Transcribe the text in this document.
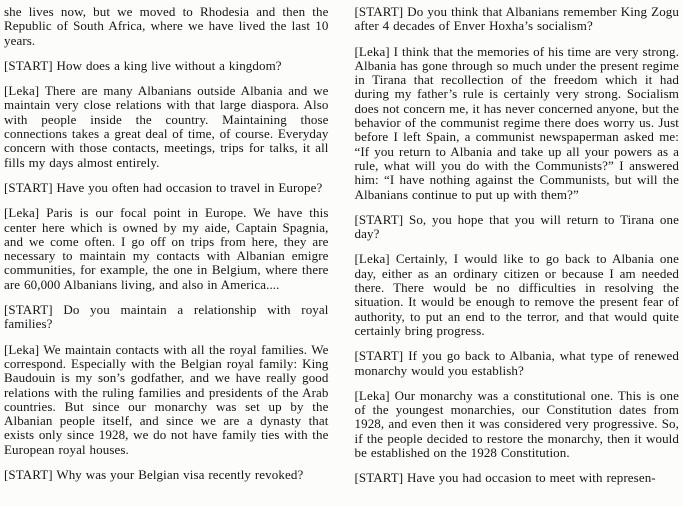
she lives now, but we moved to Rhodesia and then the Republic of South Africa, where we have lived the last 10 years.

[START] How does a king live without a kingdom?

[Leka] There are many Albanians outside Albania and we maintain very close relations with that large diaspora. Also with people inside the country. Maintaining those connections takes a great deal of time, of course. Everyday concern with those contacts, meetings, trips for talks, it all fills my days almost entirely.

[START] Have you often had occasion to travel in Europe?

[Leka] Paris is our focal point in Europe. We have this center here which is owned by my aide, Captain Spagnia, and we come often. I go off on trips from here, they are necessary to maintain my contacts with Albanian emigre communities, for example, the one in Belgium, where there are 60,000 Albanians living, and also in America....

[START] Do you maintain a relationship with royal families?

[Leka] We maintain contacts with all the royal families. We correspond. Especially with the Belgian royal family: King Baudouin is my son’s godfather, and we have really good relations with the ruling families and presidents of the Arab countries. But since our monarchy was set up by the Albanian people itself, and since we are a dynasty that exists only since 1928, we do not have family ties with the European royal houses.

[START] Why was your Belgian visa recently revoked?

[START] Do you think that Albanians remember King Zogu after 4 decades of Enver Hoxha’s socialism?

[Leka] I think that the memories of his time are very strong. Albania has gone through so much under the present regime in Tirana that recollection of the freedom which it had during my father’s rule is certainly very strong. Socialism does not concern me, it has never concerned anyone, but the behavior of the communist regime there does worry us. Just before I left Spain, a communist newspaperman asked me: “If you return to Albania and take up all your powers as a rule, what will you do with the Communists?” I answered him: “I have nothing against the Communists, but will the Albanians continue to put up with them?”

[START] So, you hope that you will return to Tirana one day?

[Leka] Certainly, I would like to go back to Albania one day, either as an ordinary citizen or because I am needed there. There would be no difficulties in resolving the situation. It would be enough to remove the present fear of authority, to put an end to the terror, and that would quite certainly bring progress.

[START] If you go back to Albania, what type of renewed monarchy would you establish?

[Leka] Our monarchy was a constitutional one. This is one of the youngest monarchies, our Constitution dates from 1928, and even then it was considered very progressive. So, if the people decided to restore the monarchy, then it would be established on the 1928 Constitution.

[START] Have you had occasion to meet with represen-
